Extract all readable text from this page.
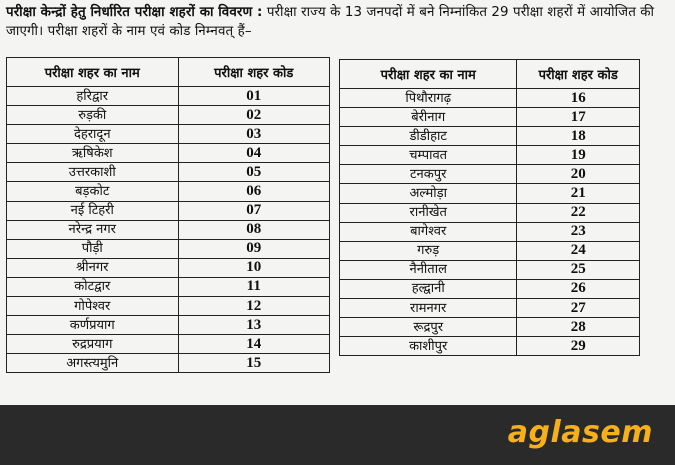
परीक्षा केन्द्रों हेतु निर्धारित परीक्षा शहरों का विवरण : परीक्षा राज्य के 13 जनपदों में बने निम्नांकित 29 परीक्षा शहरों में आयोजित की जाएगी। परीक्षा शहरों के नाम एवं कोड निम्नवत् हैं–
परीक्षा शहर का नाम	परीक्षा शहर कोड
हरिद्वार	01
रुड़की	02
देहरादून	03
ऋषिकेश	04
उत्तरकाशी	05
बड़कोट	06
नई टिहरी	07
नरेन्द्र नगर	08
पौड़ी	09
श्रीनगर	10
कोटद्वार	11
गोपेश्वर	12
कर्णप्रयाग	13
रुद्रप्रयाग	14
अगस्त्यमुनि	15
परीक्षा शहर का नाम	परीक्षा शहर कोड
पिथौरागढ़	16
बेरीनाग	17
डीडीहाट	18
चम्पावत	19
टनकपुर	20
अल्मोड़ा	21
रानीखेत	22
बागेश्वर	23
गरुड़	24
नैनीताल	25
हल्द्वानी	26
रामनगर	27
रूद्रपुर	28
काशीपुर	29
aglasem
